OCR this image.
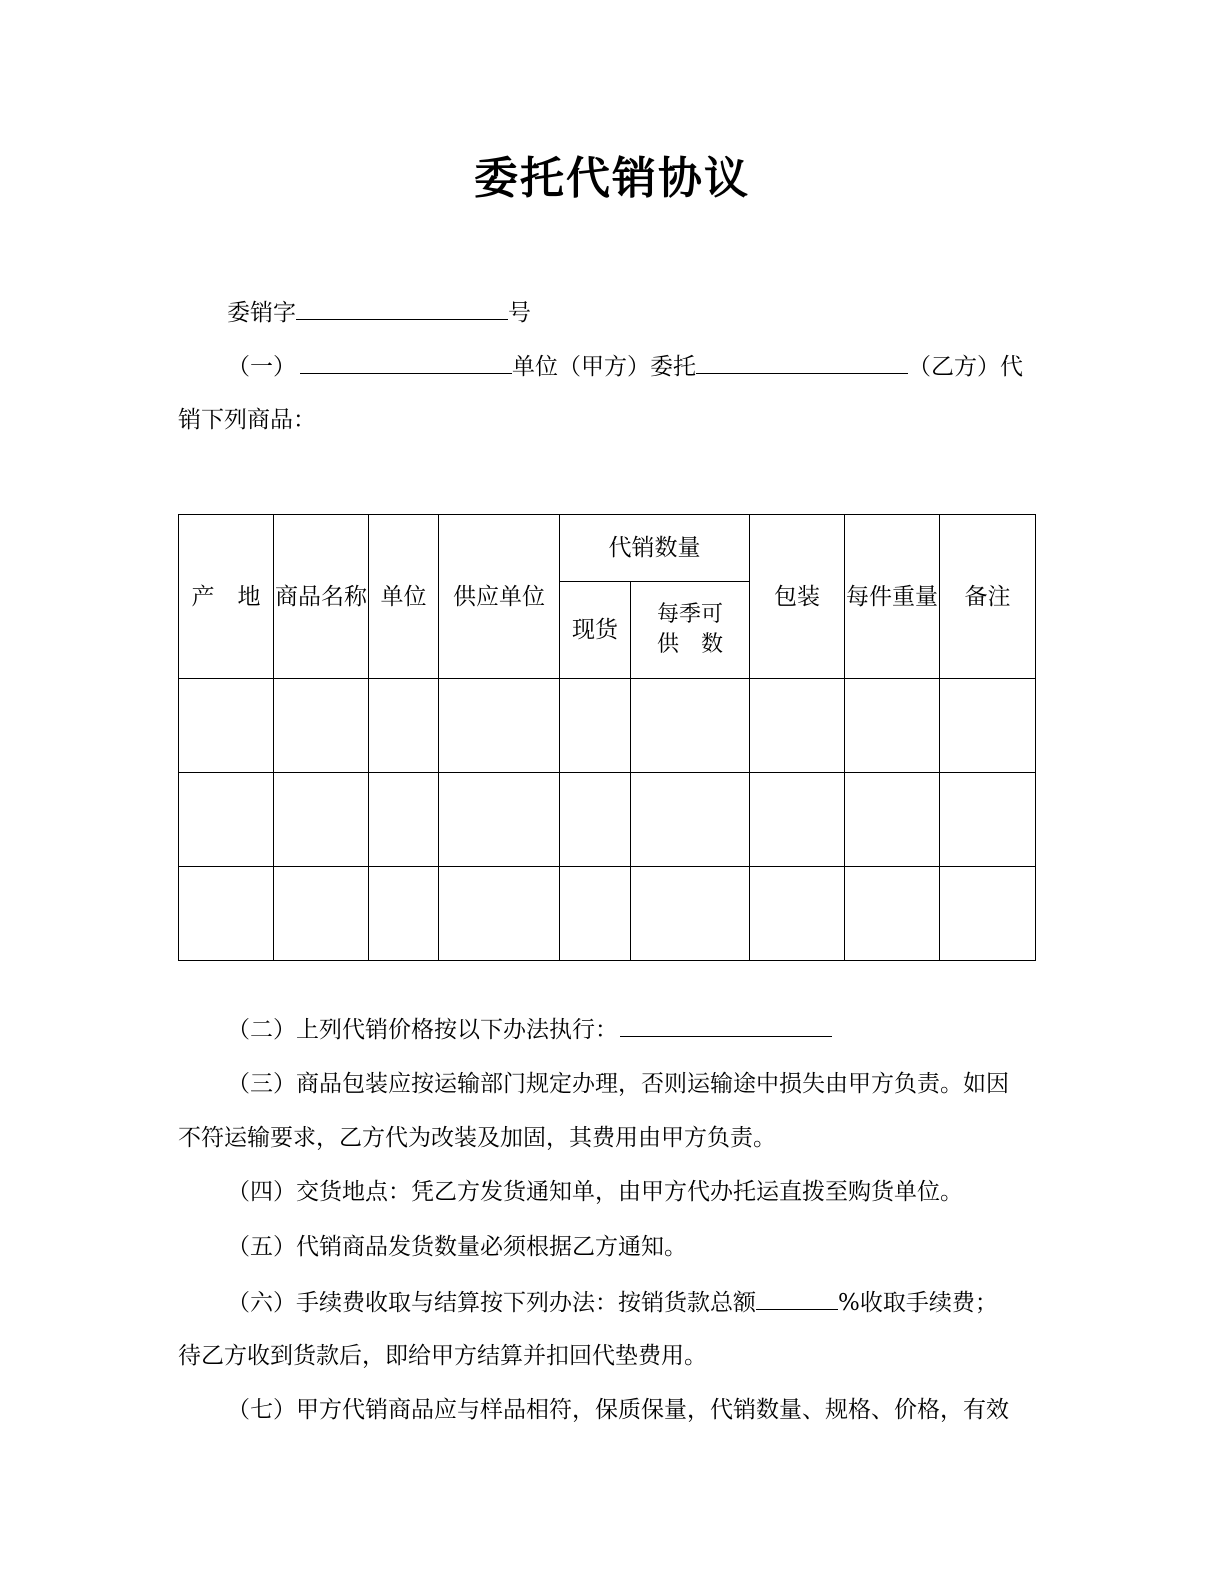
委托代销协议
委销字	号
（一）	单位（甲方）委托	（乙方）代
销下列商品：
产　地	商品名称	单位	供应单位	代销数量		包装	每件重量	备注
				现货	每季可
供　数			

（二）上列代销价格按以下办法执行：
（三）商品包装应按运输部门规定办理，否则运输途中损失由甲方负责。如因
不符运输要求，乙方代为改装及加固，其费用由甲方负责。
（四）交货地点：凭乙方发货通知单，由甲方代办托运直拨至购货单位。
（五）代销商品发货数量必须根据乙方通知。
（六）手续费收取与结算按下列办法：按销货款总额	%收取手续费；
待乙方收到货款后，即给甲方结算并扣回代垫费用。
（七）甲方代销商品应与样品相符，保质保量，代销数量、规格、价格，有效
